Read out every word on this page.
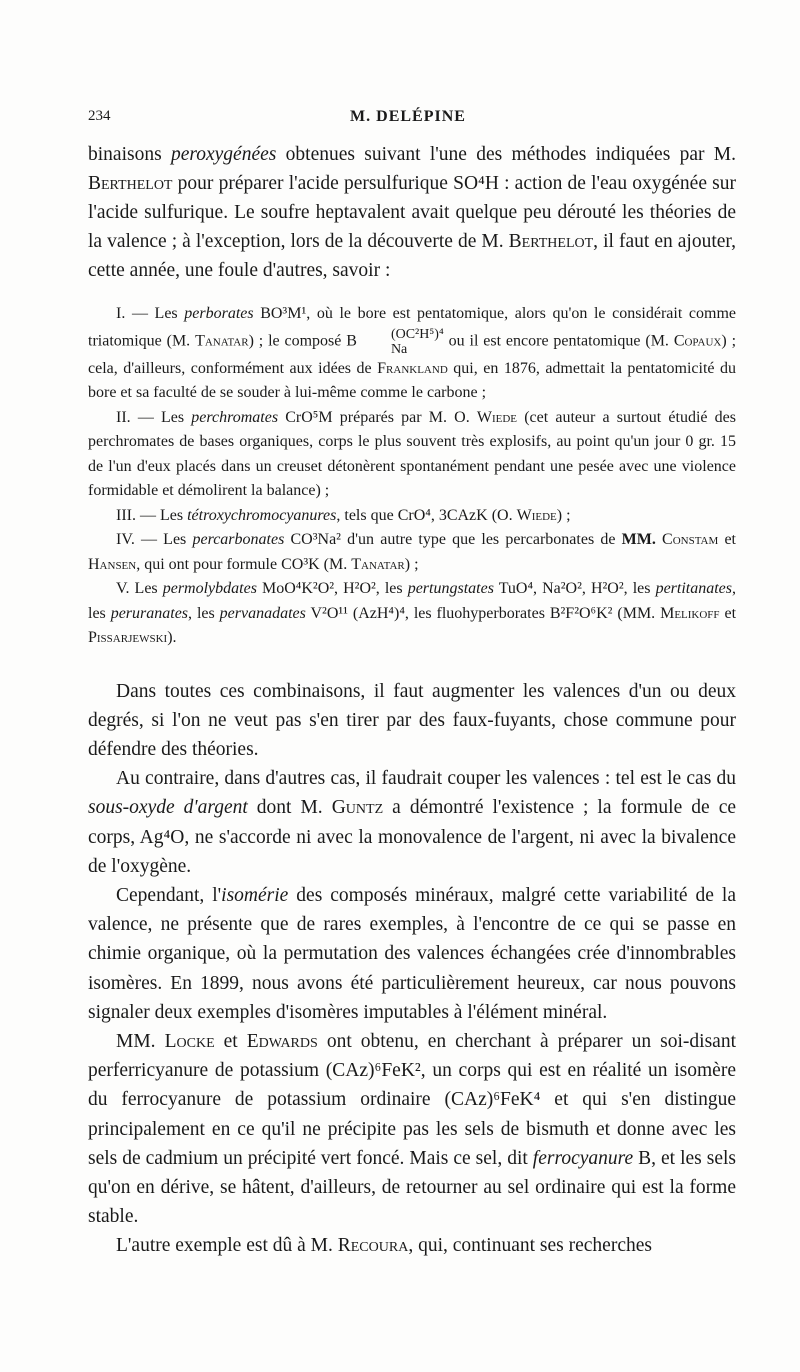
234	M. DELÉPINE

binaisons peroxygénées obtenues suivant l'une des méthodes indiquées par M. Berthelot pour préparer l'acide persulfurique SO⁴H : action de l'eau oxygénée sur l'acide sulfurique. Le soufre heptavalent avait quelque peu dérouté les théories de la valence ; à l'exception, lors de la découverte de M. Berthelot, il faut en ajouter, cette année, une foule d'autres, savoir :

I. — Les perborates BO³M¹, où le bore est pentatomique, alors qu'on le considérait comme triatomique (M. Tanatar) ; le composé B	(OC²H⁵)⁴
Na	ou il est encore pentatomique (M. Copaux) ; cela, d'ailleurs, conformément aux idées de Frankland qui, en 1876, admettait la pentatomicité du bore et sa faculté de se souder à lui-même comme le carbone ;
II. — Les perchromates CrO⁵M préparés par M. O. Wiede (cet auteur a surtout étudié des perchromates de bases organiques, corps le plus souvent très explosifs, au point qu'un jour 0 gr. 15 de l'un d'eux placés dans un creuset détonèrent spontanément pendant une pesée avec une violence formidable et démolirent la balance) ;
III. — Les tétroxychromocyanures, tels que CrO⁴, 3CAzK (O. Wiede) ;
IV. — Les percarbonates CO³Na² d'un autre type que les percarbonates de MM. Constam et Hansen, qui ont pour formule CO³K (M. Tanatar) ;
V. Les permolybdates MoO⁴K²O², H²O², les pertungstates TuO⁴, Na²O², H²O², les pertitanates, les peruranates, les pervanadates V²O¹¹ (AzH⁴)⁴, les fluohyperborates B²F²O⁶K² (MM. Melikoff et Pissarjewski).

Dans toutes ces combinaisons, il faut augmenter les valences d'un ou deux degrés, si l'on ne veut pas s'en tirer par des faux-fuyants, chose commune pour défendre des théories.

Au contraire, dans d'autres cas, il faudrait couper les valences : tel est le cas du sous-oxyde d'argent dont M. Guntz a démontré l'existence ; la formule de ce corps, Ag⁴O, ne s'accorde ni avec la monovalence de l'argent, ni avec la bivalence de l'oxygène.

Cependant, l'isomérie des composés minéraux, malgré cette variabilité de la valence, ne présente que de rares exemples, à l'encontre de ce qui se passe en chimie organique, où la permutation des valences échangées crée d'innombrables isomères. En 1899, nous avons été particulièrement heureux, car nous pouvons signaler deux exemples d'isomères imputables à l'élément minéral.

MM. Locke et Edwards ont obtenu, en cherchant à préparer un soi-disant perferricyanure de potassium (CAz)⁶FeK², un corps qui est en réalité un isomère du ferrocyanure de potassium ordinaire (CAz)⁶FeK⁴ et qui s'en distingue principalement en ce qu'il ne précipite pas les sels de bismuth et donne avec les sels de cadmium un précipité vert foncé. Mais ce sel, dit ferrocyanure B, et les sels qu'on en dérive, se hâtent, d'ailleurs, de retourner au sel ordinaire qui est la forme stable.

L'autre exemple est dû à M. Recoura, qui, continuant ses recherches
